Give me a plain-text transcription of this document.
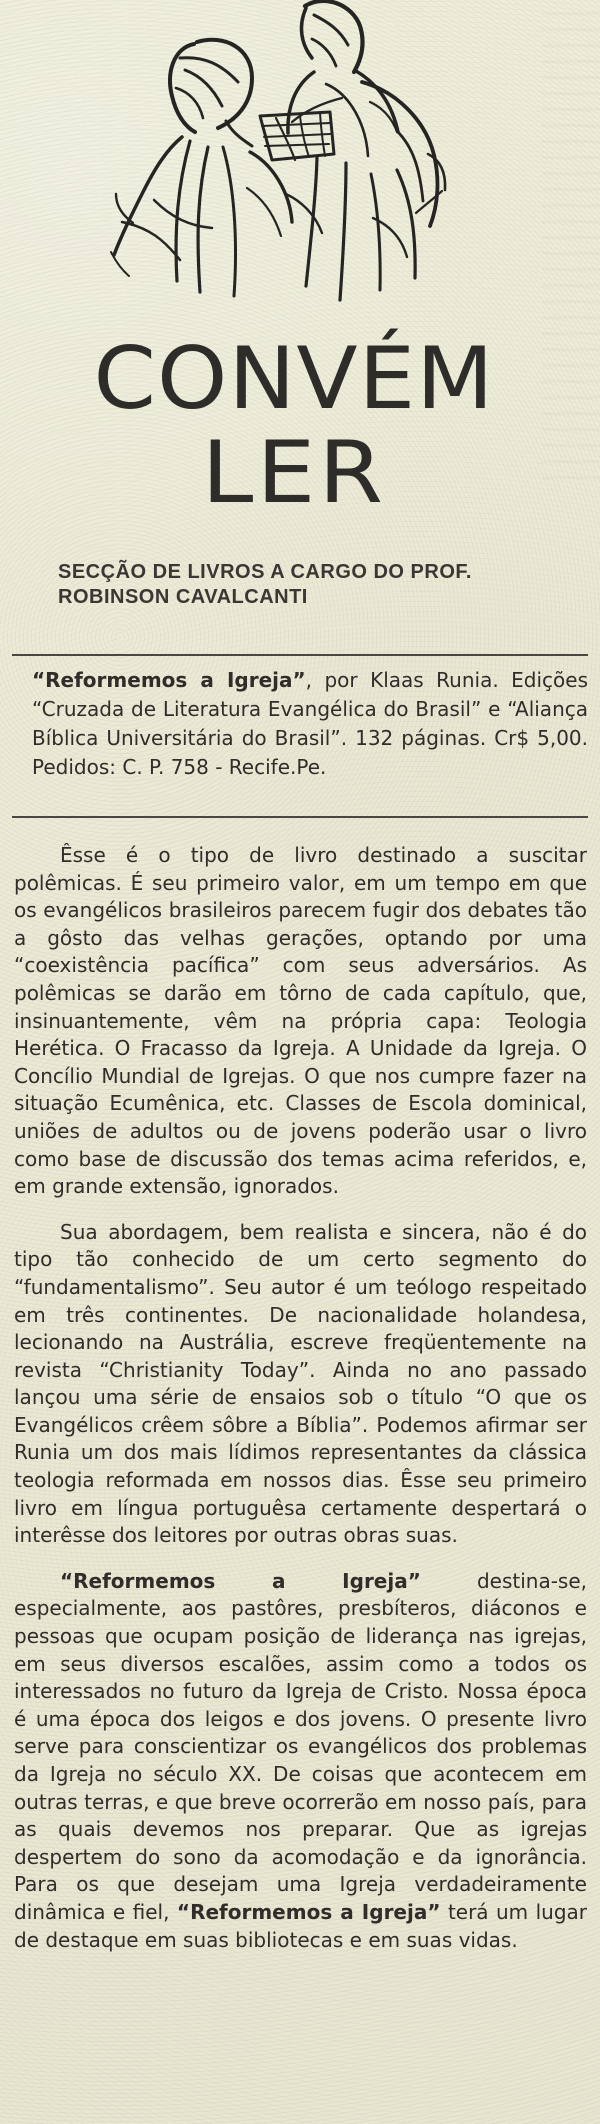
CONVÉM
LER
SECÇÃO DE LIVROS A CARGO DO PROF.
ROBINSON CAVALCANTI
“Reformemos a Igreja”, por Klaas Runia. Edições “Cruzada de Literatura Evangélica do Brasil” e “Aliança Bíblica Universitária do Brasil”. 132 páginas. Cr$ 5,00. Pedidos: C. P. 758 - Recife.Pe.

Êsse é o tipo de livro destinado a suscitar polêmicas. É seu primeiro valor, em um tempo em que os evangélicos brasileiros parecem fugir dos debates tão a gôsto das velhas gerações, optando por uma “coexistência pacífica” com seus adversários. As polêmicas se darão em tôrno de cada capítulo, que, insinuantemente, vêm na própria capa: Teologia Herética. O Fracasso da Igreja. A Unidade da Igreja. O Concílio Mundial de Igrejas. O que nos cumpre fazer na situação Ecumênica, etc. Classes de Escola dominical, uniões de adultos ou de jovens poderão usar o livro como base de discussão dos temas acima referidos, e, em grande extensão, ignorados.

Sua abordagem, bem realista e sincera, não é do tipo tão conhecido de um certo segmento do “fundamentalismo”. Seu autor é um teólogo respeitado em três continentes. De nacionalidade holandesa, lecionando na Austrália, escreve freqüentemente na revista “Christianity Today”. Ainda no ano passado lançou uma série de ensaios sob o título “O que os Evangélicos crêem sôbre a Bíblia”. Podemos afirmar ser Runia um dos mais lídimos representantes da clássica teologia reformada em nossos dias. Êsse seu primeiro livro em língua portuguêsa certamente despertará o interêsse dos leitores por outras obras suas.

“Reformemos a Igreja” destina-se, especialmente, aos pastôres, presbíteros, diáconos e pessoas que ocupam posição de liderança nas igrejas, em seus diversos escalões, assim como a todos os interessados no futuro da Igreja de Cristo. Nossa época é uma época dos leigos e dos jovens. O presente livro serve para conscientizar os evangélicos dos problemas da Igreja no século XX. De coisas que acontecem em outras terras, e que breve ocorrerão em nosso país, para as quais devemos nos preparar. Que as igrejas despertem do sono da acomodação e da ignorância. Para os que desejam uma Igreja verdadeiramente dinâmica e fiel, “Reformemos a Igreja” terá um lugar de destaque em suas bibliotecas e em suas vidas.
